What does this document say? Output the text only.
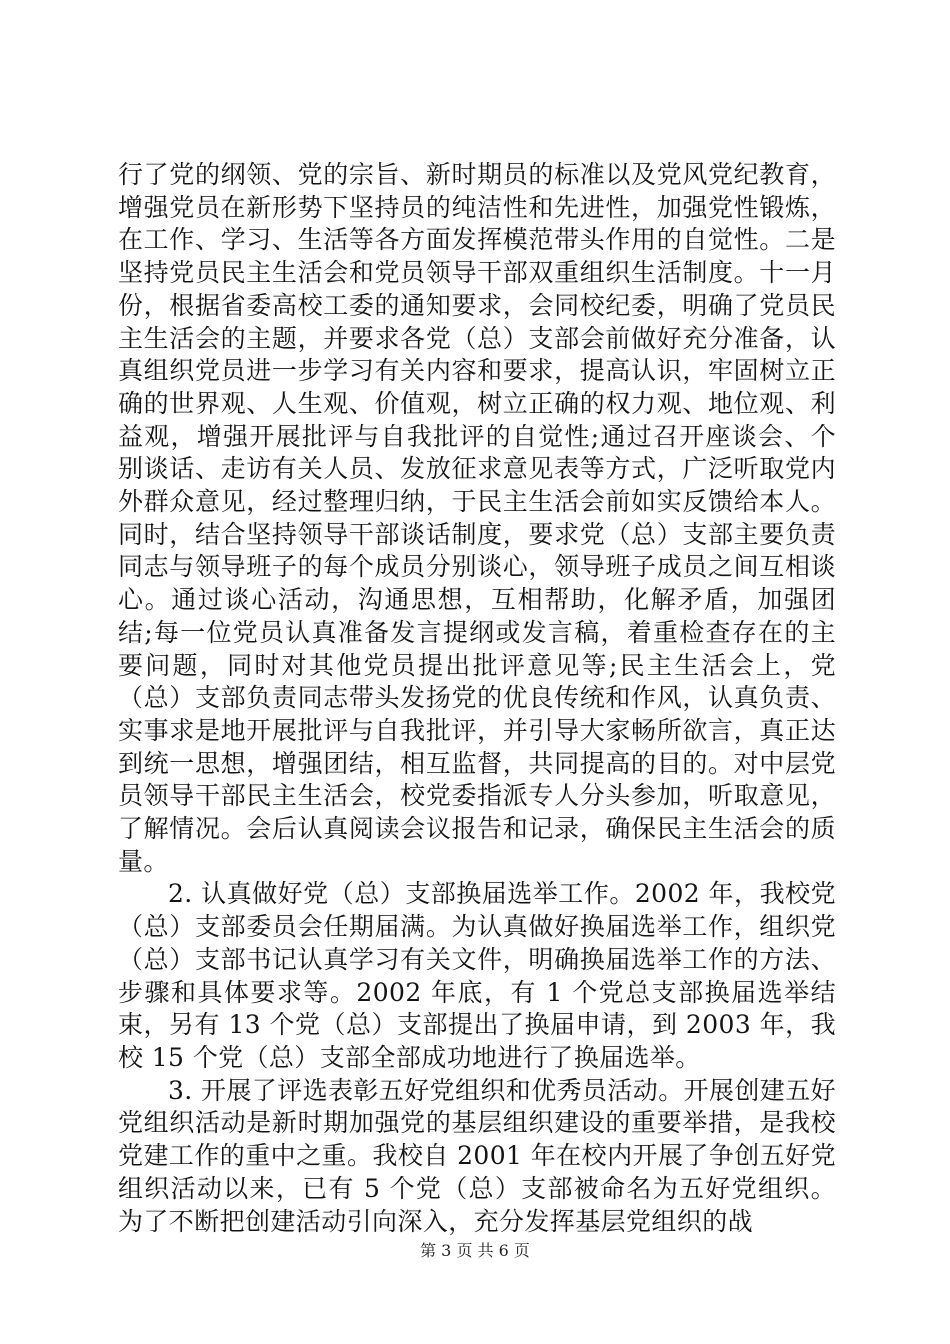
行了党的纲领、党的宗旨、新时期员的标准以及党风党纪教育，增强党员在新形势下坚持员的纯洁性和先进性，加强党性锻炼，在工作、学习、生活等各方面发挥模范带头作用的自觉性。二是坚持党员民主生活会和党员领导干部双重组织生活制度。十一月份，根据省委高校工委的通知要求，会同校纪委，明确了党员民主生活会的主题，并要求各党（总）支部会前做好充分准备，认真组织党员进一步学习有关内容和要求，提高认识，牢固树立正确的世界观、人生观、价值观，树立正确的权力观、地位观、利益观，增强开展批评与自我批评的自觉性;通过召开座谈会、个别谈话、走访有关人员、发放征求意见表等方式，广泛听取党内外群众意见，经过整理归纳，于民主生活会前如实反馈给本人。同时，结合坚持领导干部谈话制度，要求党（总）支部主要负责同志与领导班子的每个成员分别谈心，领导班子成员之间互相谈心。通过谈心活动，沟通思想，互相帮助，化解矛盾，加强团结;每一位党员认真准备发言提纲或发言稿，着重检查存在的主要问题，同时对其他党员提出批评意见等;民主生活会上，党（总）支部负责同志带头发扬党的优良传统和作风，认真负责、实事求是地开展批评与自我批评，并引导大家畅所欲言，真正达到统一思想，增强团结，相互监督，共同提高的目的。对中层党员领导干部民主生活会，校党委指派专人分头参加，听取意见，了解情况。会后认真阅读会议报告和记录，确保民主生活会的质量。

2. 认真做好党（总）支部换届选举工作。2002 年，我校党（总）支部委员会任期届满。为认真做好换届选举工作，组织党（总）支部书记认真学习有关文件，明确换届选举工作的方法、步骤和具体要求等。2002 年底，有 1 个党总支部换届选举结束，另有 13 个党（总）支部提出了换届申请，到 2003 年，我校 15 个党（总）支部全部成功地进行了换届选举。

3. 开展了评选表彰五好党组织和优秀员活动。开展创建五好党组织活动是新时期加强党的基层组织建设的重要举措，是我校党建工作的重中之重。我校自 2001 年在校内开展了争创五好党组织活动以来，已有 5 个党（总）支部被命名为五好党组织。为了不断把创建活动引向深入，充分发挥基层党组织的战

第 3 页 共 6 页
